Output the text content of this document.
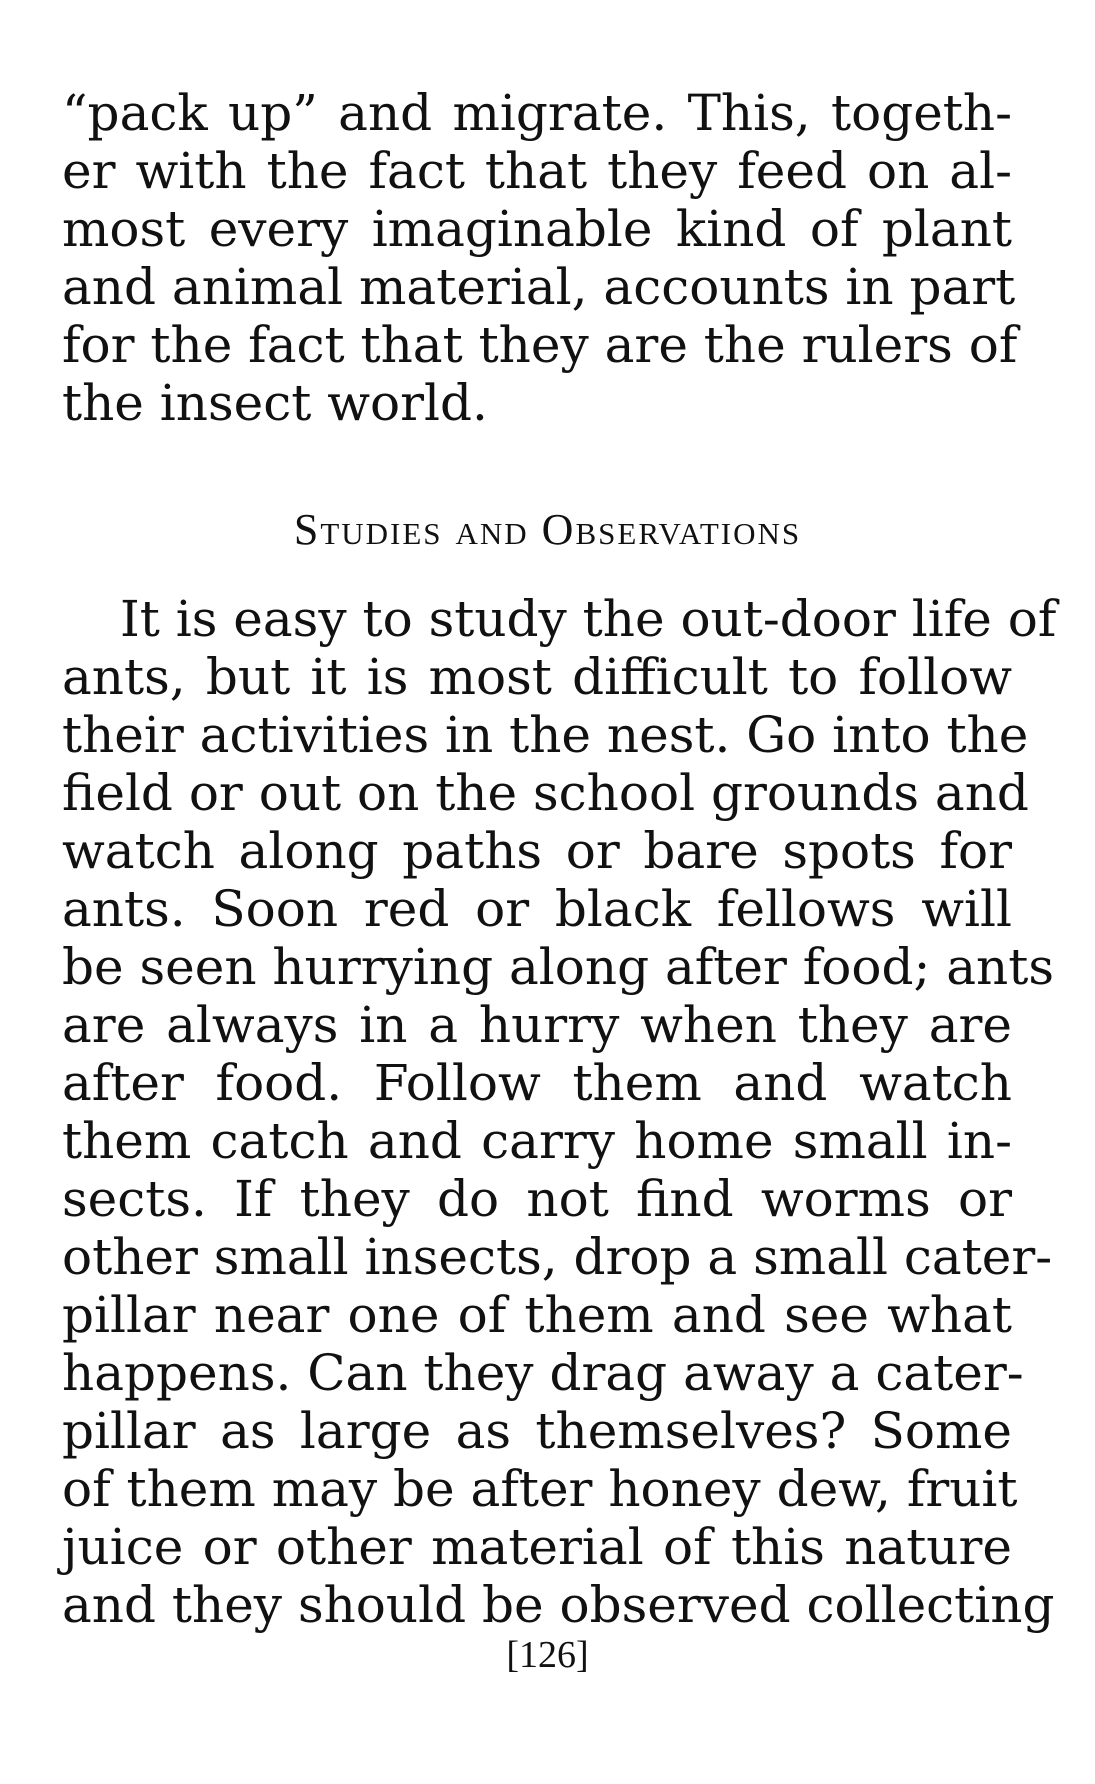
“pack up” and migrate. This, togeth-
er with the fact that they feed on al-
most every imaginable kind of plant
and animal material, accounts in part
for the fact that they are the rulers of
the insect world.
Studies and Observations
It is easy to study the out-door life of
ants, but it is most difficult to follow
their activities in the nest. Go into the
field or out on the school grounds and
watch along paths or bare spots for
ants. Soon red or black fellows will
be seen hurrying along after food; ants
are always in a hurry when they are
after food. Follow them and watch
them catch and carry home small in-
sects. If they do not find worms or
other small insects, drop a small cater-
pillar near one of them and see what
happens. Can they drag away a cater-
pillar as large as themselves? Some
of them may be after honey dew, fruit
juice or other material of this nature
and they should be observed collecting
[126]
